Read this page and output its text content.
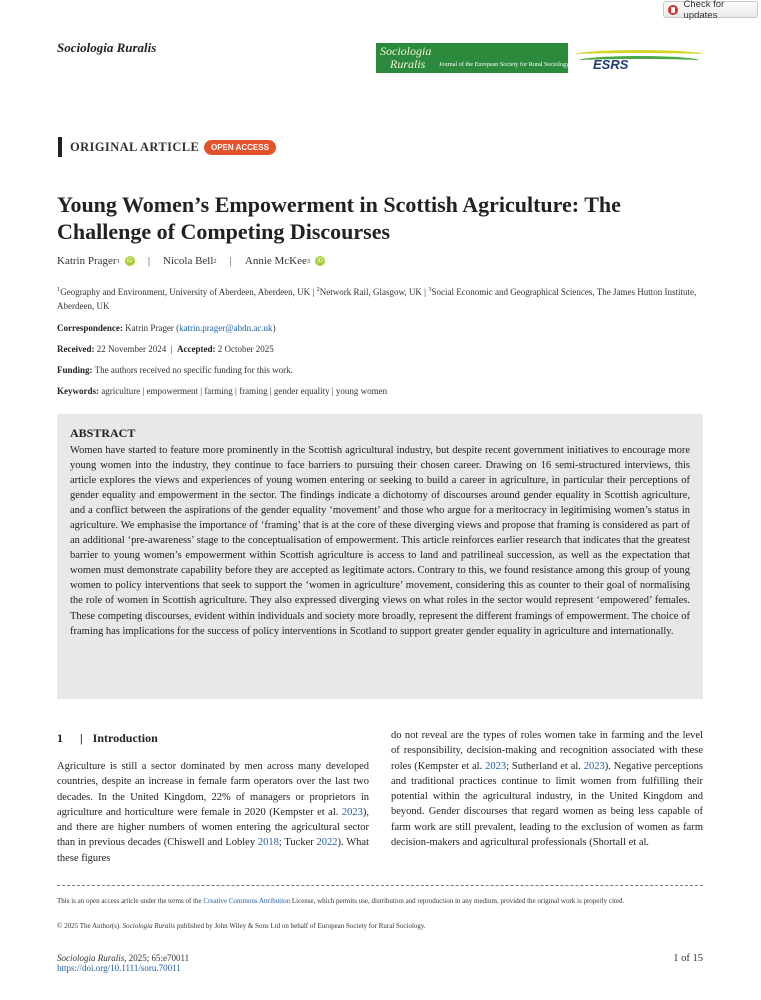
Check for updates
Sociologia Ruralis	Sociologia
Ruralis Journal of the European Society for Rural Sociology ESRS
ORIGINAL ARTICLE	OPEN ACCESS
Young Women’s Empowerment in Scottish Agriculture: The Challenge of Competing Discourses
Katrin Prager 1	iD | Nicola Bell 2 | Annie McKee 3	iD
$^1$Geography and Environment, University of Aberdeen, Aberdeen, UK | $^2$Network Rail, Glasgow, UK | $^3$Social Economic and Geographical Sciences, The James Hutton Institute, Aberdeen, UK
Correspondence: Katrin Prager (katrin.prager@abdn.ac.uk)
Received: 22 November 2024  |  Accepted: 2 October 2025
Funding: The authors received no specific funding for this work.
Keywords: agriculture | empowerment | farming | framing | gender equality | young women
ABSTRACT
Women have started to feature more prominently in the Scottish agricultural industry, but despite recent government initiatives to encourage more young women into the industry, they continue to face barriers to pursuing their chosen career. Drawing on 16 semi-structured interviews, this article explores the views and experiences of young women entering or seeking to build a career in agriculture, in particular their perceptions of gender equality and empowerment in the sector. The findings indicate a dichotomy of discourses around gender equality in Scottish agriculture, and a conflict between the aspirations of the gender equality ‘movement’ and those who argue for a meritocracy in legitimising women’s status in agriculture. We emphasise the importance of ‘framing’ that is at the core of these diverging views and propose that framing is considered as part of an additional ‘pre-awareness’ stage to the conceptualisation of empowerment. This article reinforces earlier research that indicates that the greatest barrier to young women’s empowerment within Scottish agriculture is access to land and patrilineal succession, as well as the expectation that women must demonstrate capability before they are accepted as legitimate actors. Contrary to this, we found resistance among this group of young women to policy interventions that seek to support the ‘women in agriculture’ movement, considering this as counter to their goal of normalising the role of women in Scottish agriculture. They also expressed diverging views on what roles in the sector would represent ‘empowered’ females. These competing discourses, evident within individuals and society more broadly, represent the different framings of empowerment. The choice of framing has implications for the success of policy interventions in Scotland to support greater gender equality in agriculture and internationally.
1 | Introduction
Agriculture is still a sector dominated by men across many developed countries, despite an increase in female farm operators over the last two decades. In the United Kingdom, 22% of managers or proprietors in agriculture and horticulture were female in 2020 (Kempster et al. 2023), and there are higher numbers of women entering the agricultural sector than in previous decades (Chiswell and Lobley 2018; Tucker 2022). What these figures
do not reveal are the types of roles women take in farming and the level of responsibility, decision-making and recognition associated with these roles (Kempster et al. 2023; Sutherland et al. 2023). Negative perceptions and traditional practices continue to limit women from fulfilling their potential within the agricultural industry, in the United Kingdom and beyond. Gender discourses that regard women as being less capable of farm work are still prevalent, leading to the exclusion of women as farm decision-makers and agricultural professionals (Shortall et al.
This is an open access article under the terms of the Creative Commons Attribution License, which permits use, distribution and reproduction in any medium, provided the original work is properly cited.
© 2025 The Author(s). Sociologia Ruralis published by John Wiley & Sons Ltd on behalf of European Society for Rural Sociology.
Sociologia Ruralis, 2025; 65:e70011
https://doi.org/10.1111/soru.70011
1 of 15
